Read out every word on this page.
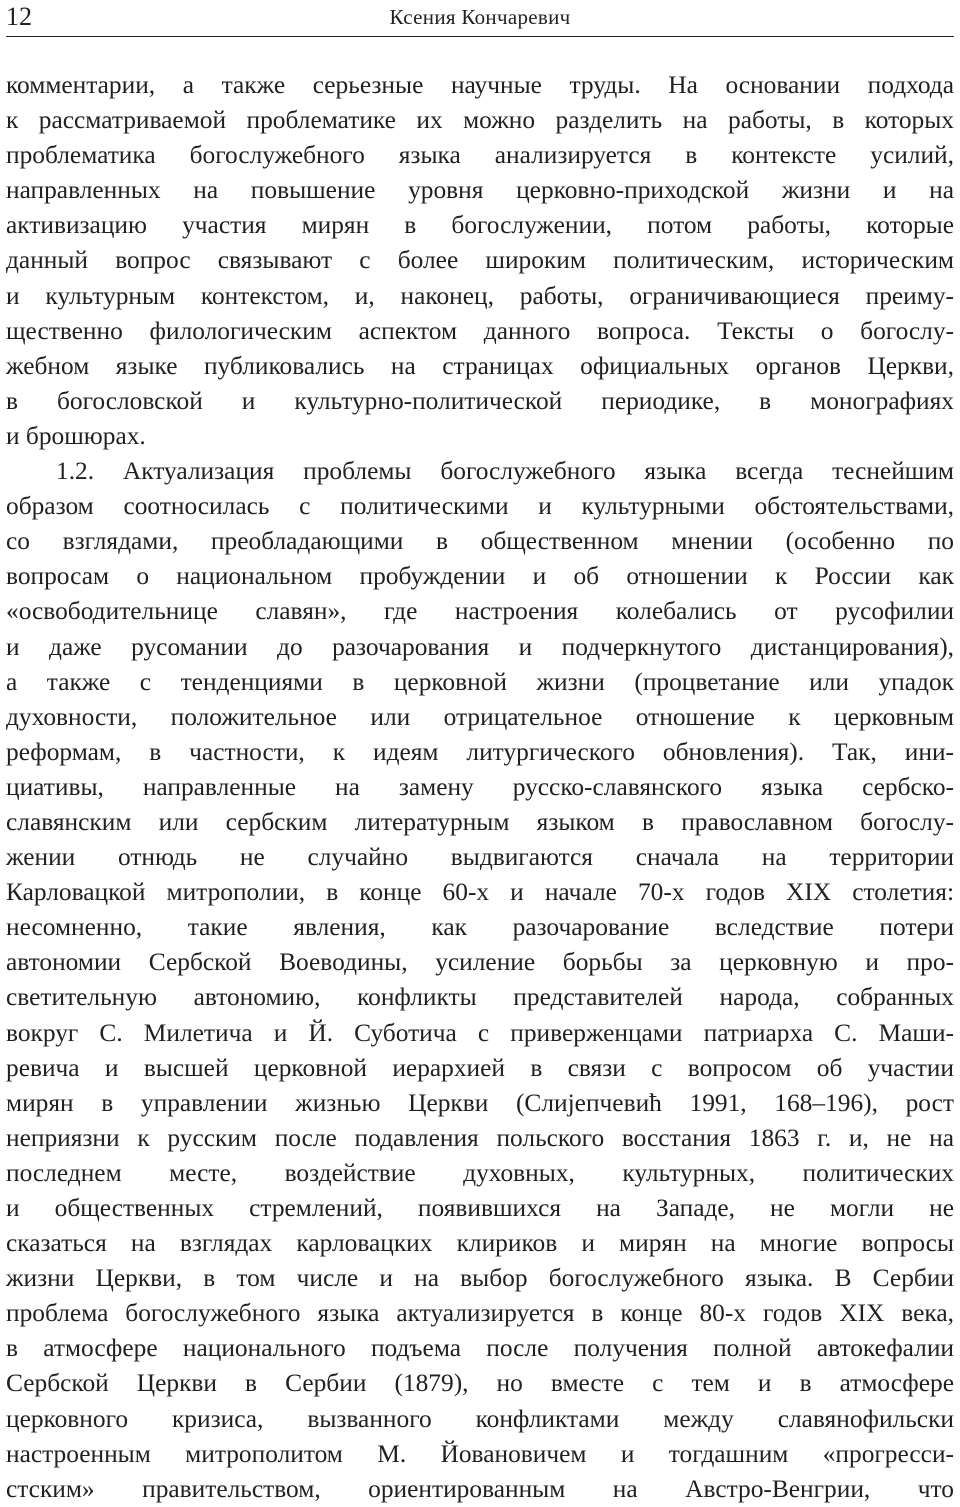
12	Ксения Кончаревич
комментарии, а также серьезные научные труды. На основании подхода
к рассматриваемой проблематике их можно разделить на работы, в которых
проблематика богослужебного языка анализируется в контексте усилий,
направленных на повышение уровня церковно-приходской жизни и на
активизацию участия мирян в богослужении, потом работы, которые
данный вопрос связывают с более широким политическим, историческим
и культурным контекстом, и, наконец, работы, ограничивающиеся преиму-
щественно филологическим аспектом данного вопроса. Тексты о богослу-
жебном языке публиковались на страницах официальных органов Церкви,
в богословской и культурно-политической периодике, в монографиях
и брошюрах.
1.2. Актуализация проблемы богослужебного языка всегда теснейшим
образом соотносилась с политическими и культурными обстоятельствами,
со взглядами, преобладающими в общественном мнении (особенно по
вопросам о национальном пробуждении и об отношении к России как
«освободительнице славян», где настроения колебались от русофилии
и даже русомании до разочарования и подчеркнутого дистанцирования),
а также с тенденциями в церковной жизни (процветание или упадок
духовности, положительное или отрицательное отношение к церковным
реформам, в частности, к идеям литургического обновления). Так, ини-
циативы, направленные на замену русско-славянского языка сербско-
славянским или сербским литературным языком в православном богослу-
жении отнюдь не случайно выдвигаются сначала на территории
Карловацкой митрополии, в конце 60-х и начале 70-х годов XIX столетия:
несомненно, такие явления, как разочарование вследствие потери
автономии Сербской Воеводины, усиление борьбы за церковную и про-
светительную автономию, конфликты представителей народа, собранных
вокруг С. Милетича и Й. Суботича с приверженцами патриарха С. Маши-
ревича и высшей церковной иерархией в связи с вопросом об участии
мирян в управлении жизнью Церкви (Слијепчевић 1991, 168–196), рост
неприязни к русским после подавления польского восстания 1863 г. и, не на
последнем месте, воздействие духовных, культурных, политических
и общественных стремлений, появившихся на Западе, не могли не
сказаться на взглядах карловацких клириков и мирян на многие вопросы
жизни Церкви, в том числе и на выбор богослужебного языка. В Сербии
проблема богослужебного языка актуализируется в конце 80-х годов XIX века,
в атмосфере национального подъема после получения полной автокефалии
Сербской Церкви в Сербии (1879), но вместе с тем и в атмосфере
церковного кризиса, вызванного конфликтами между славянофильски
настроенным митрополитом М. Йовановичем и тогдашним «прогресси-
стским» правительством, ориентированным на Австро-Венгрии, что
